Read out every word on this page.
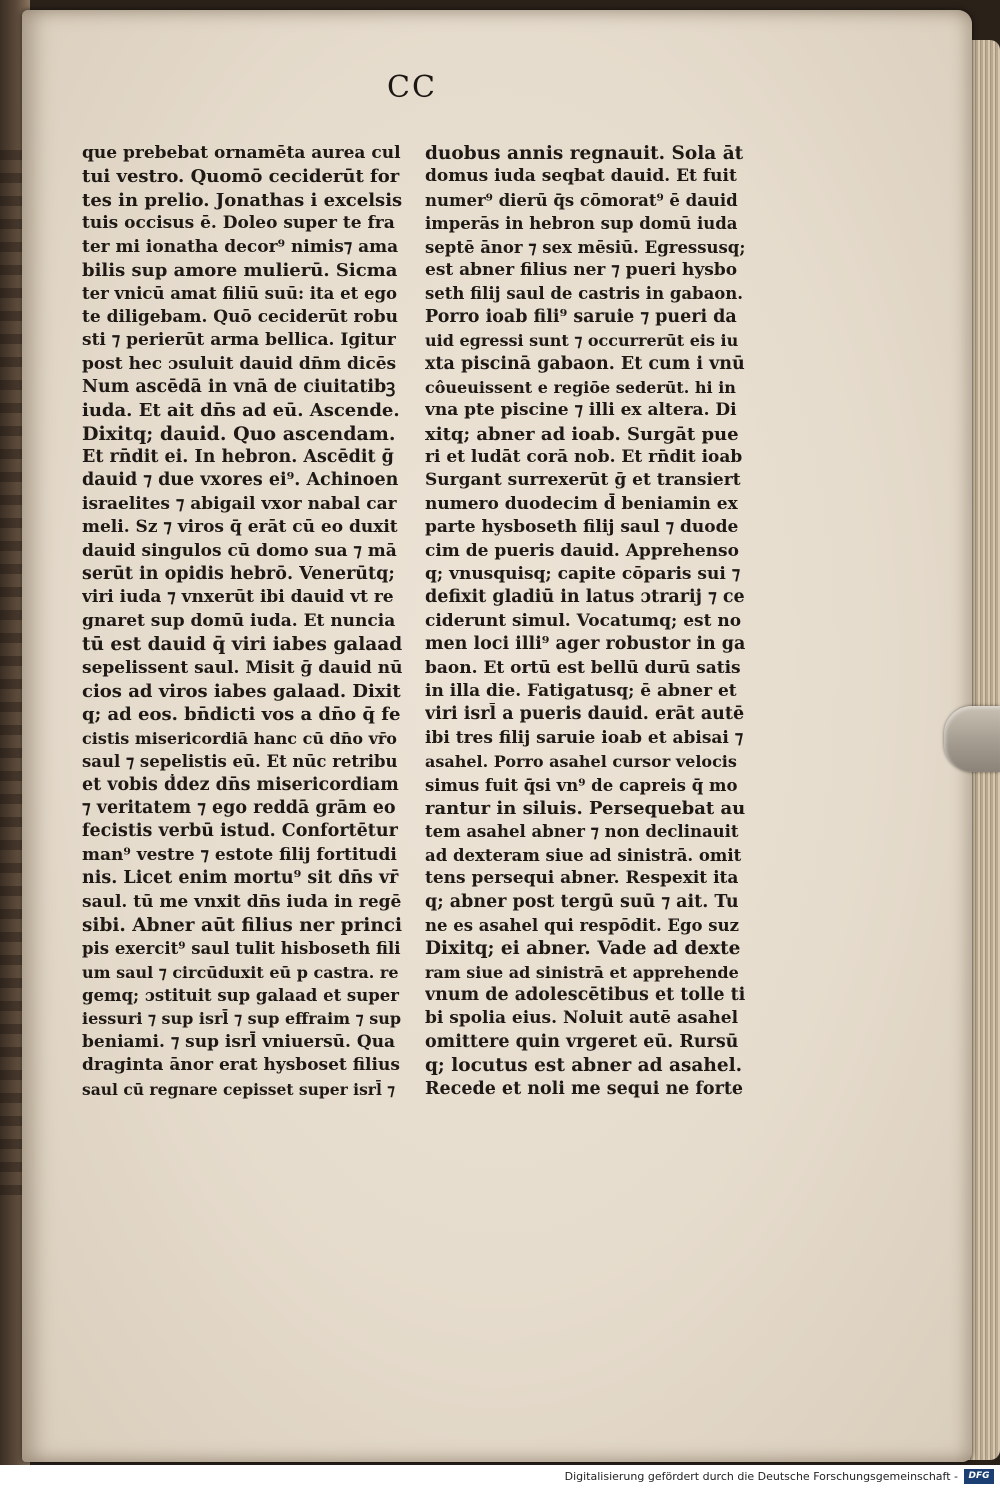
CC
que prebebat ornamēta aurea cul
tui vestro. Quomō ceciderūt for
tes in prelio. Jonathas i excelsis
tuis occisus ē. Doleo super te fra
ter mi ionatha decor⁹ nimis⁊ ama
bilis sup amore mulierū. Sicma
ter vnicū amat filiū suū: ita et ego
te diligebam. Quō ceciderūt robu
sti ⁊ perierūt arma bellica. Igitur
post hec ɔsuluit dauid dn̄m dicēs
Num ascēdā in vnā de ciuitatibꝫ
iuda. Et ait dn̄s ad eū. Ascende.
Dixitq; dauid. Quo ascendam.
Et rn̄dit ei. In hebron. Ascēdit ḡ
dauid ⁊ due vxores ei⁹. Achinoen
israelites ⁊ abigail vxor nabal car
meli. Sz ⁊ viros q̄ erāt cū eo duxit
dauid singulos cū domo sua ⁊ mā
serūt in opidis hebrō. Venerūtq;
viri iuda ⁊ vnxerūt ibi dauid vt re
gnaret sup domū iuda. Et nuncia
tū est dauid q̄ viri iabes galaad
sepelissent saul. Misit ḡ dauid nū
cios ad viros iabes galaad. Dixit
q; ad eos. bn̄dicti vos a dn̄o q̄ fe
cistis misericordiā hanc cū dn̄o vr̄o
saul ⁊ sepelistis eū. Et nūc retribu
et vobis ḋdez dn̄s misericordiam
⁊ veritatem ⁊ ego reddā grām eo
fecistis verbū istud. Confortētur
man⁹ vestre ⁊ estote filij fortitudi
nis. Licet enim mortu⁹ sit dn̄s vr̄
saul. tū me vnxit dn̄s iuda in regē
sibi. Abner aūt filius ner princi
pis exercit⁹ saul tulit hisboseth fili
um saul ⁊ circūduxit eū p castra. re
gemq; ɔstituit sup galaad et super
iessuri ⁊ sup isrl̄ ⁊ sup effraim ⁊ sup
beniami. ⁊ sup isrl̄ vniuersū. Qua
draginta ānor erat hysboset filius
saul cū regnare cepisset super isrl̄ ⁊
duobus annis regnauit. Sola āt
domus iuda seqbat dauid. Et fuit
numer⁹ dierū q̄s cōmorat⁹ ē dauid
imperās in hebron sup domū iuda
septē ānor ⁊ sex mēsiū. Egressusq;
est abner filius ner ⁊ pueri hysbo
seth filij saul de castris in gabaon.
Porro ioab fili⁹ saruie ⁊ pueri da
uid egressi sunt ⁊ occurrerūt eis iu
xta piscinā gabaon. Et cum i vnū
côueuissent e regiōe sederūt. hi in
vna pte piscine ⁊ illi ex altera. Di
xitq; abner ad ioab. Surgāt pue
ri et ludāt corā nob. Et rn̄dit ioab
Surgant surrexerūt ḡ et transiert
numero duodecim d̄ beniamin ex
parte hysboseth filij saul ⁊ duode
cim de pueris dauid. Apprehenso
q; vnusquisq; capite cōparis sui ⁊
defixit gladiū in latus ɔtrarij ⁊ ce
ciderunt simul. Vocatumq; est no
men loci illi⁹ ager robustor in ga
baon. Et ortū est bellū durū satis
in illa die. Fatigatusq; ē abner et
viri isrl̄ a pueris dauid. erāt autē
ibi tres filij saruie ioab et abisai ⁊
asahel. Porro asahel cursor velocis
simus fuit q̄si vn⁹ de capreis q̄ mo
rantur in siluis. Persequebat au
tem asahel abner ⁊ non declinauit
ad dexteram siue ad sinistrā. omit
tens persequi abner. Respexit ita
q; abner post tergū suū ⁊ ait. Tu
ne es asahel qui respōdit. Ego suz
Dixitq; ei abner. Vade ad dexte
ram siue ad sinistrā et apprehende
vnum de adolescētibus et tolle ti
bi spolia eius. Noluit autē asahel
omittere quin vrgeret eū. Rursū
q; locutus est abner ad asahel.
Recede et noli me sequi ne forte
Digitalisierung gefördert durch die Deutsche Forschungsgemeinschaft -	DFG
